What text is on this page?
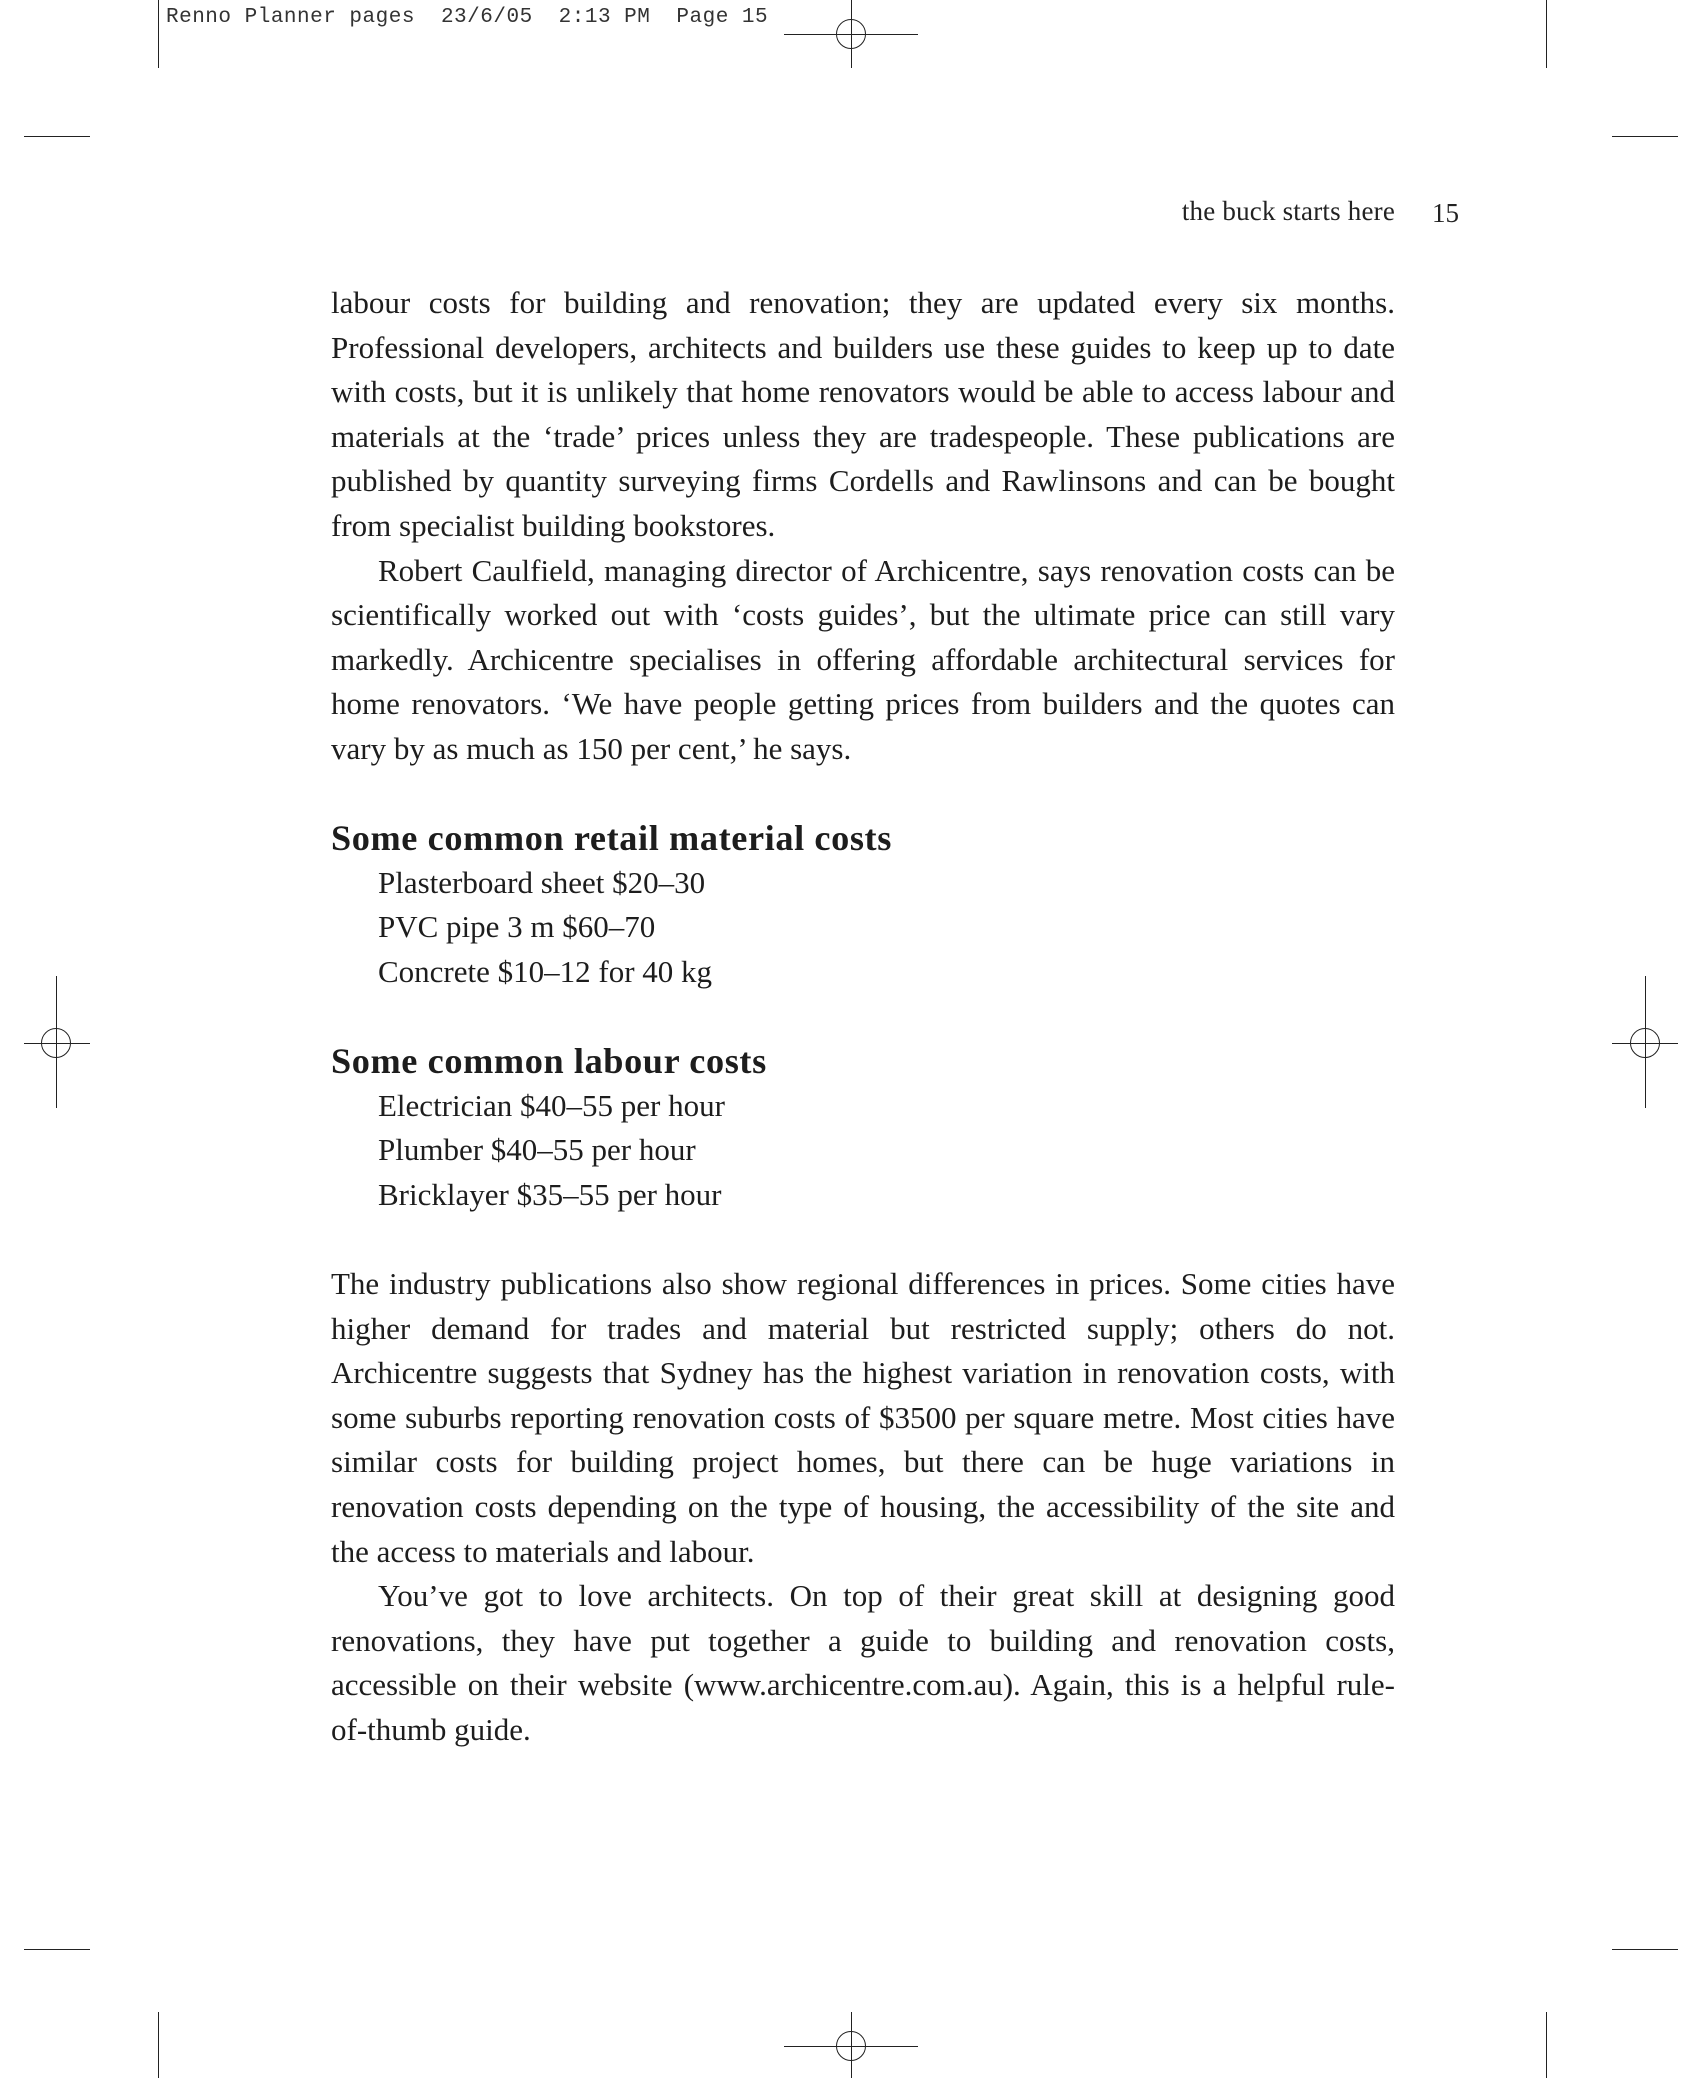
Renno Planner pages 23/6/05 2:13 PM Page 15
the buck starts here 15

labour costs for building and renovation; they are updated every six months. Professional developers, architects and builders use these guides to keep up to date with costs, but it is unlikely that home renovators would be able to access labour and materials at the ‘trade’ prices unless they are tradespeople. These publications are published by quantity surveying firms Cordells and Rawlinsons and can be bought from specialist building bookstores.

Robert Caulfield, managing director of Archicentre, says renovation costs can be scientifically worked out with ‘costs guides’, but the ultimate price can still vary markedly. Archicentre specialises in offering affordable architectural services for home renovators. ‘We have people getting prices from builders and the quotes can vary by as much as 150 per cent,’ he says.

Some common retail material costs
Plasterboard sheet $20–30
PVC pipe 3 m $60–70
Concrete $10–12 for 40 kg
Some common labour costs
Electrician $40–55 per hour
Plumber $40–55 per hour
Bricklayer $35–55 per hour

The industry publications also show regional differences in prices. Some cities have higher demand for trades and material but restricted supply; others do not. Archicentre suggests that Sydney has the highest variation in renovation costs, with some suburbs reporting renovation costs of $3500 per square metre. Most cities have similar costs for building project homes, but there can be huge variations in renovation costs depending on the type of housing, the accessibility of the site and the access to materials and labour.

You’ve got to love architects. On top of their great skill at designing good renovations, they have put together a guide to building and renovation costs, accessible on their website (www.archicentre.com.au). Again, this is a helpful rule-of-thumb guide.
